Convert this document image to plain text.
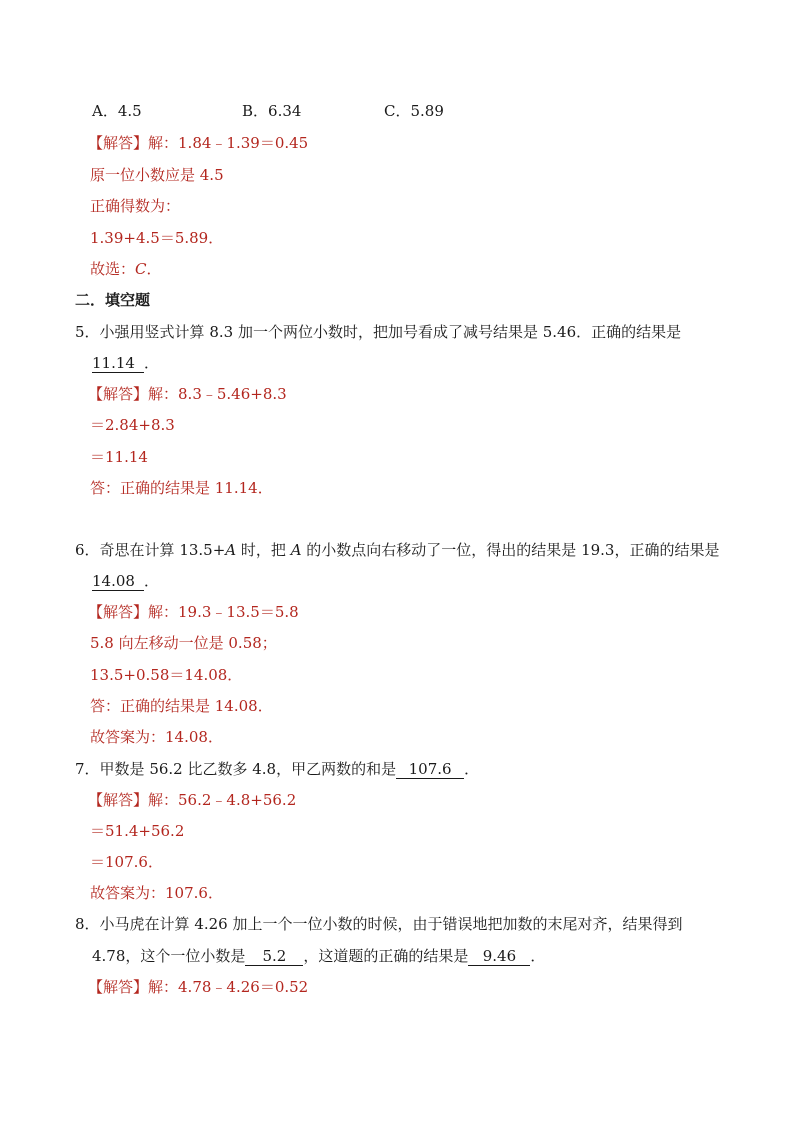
A．4.5	B．6.34	C．5.89
【解答】解：1.84﹣1.39＝0.45
原一位小数应是 4.5
正确得数为：
1.39+4.5＝5.89．
故选：C．
二．填空题
5．小强用竖式计算 8.3 加一个两位小数时，把加号看成了减号结果是 5.46．正确的结果是
11.14 ．
【解答】解：8.3﹣5.46+8.3
＝2.84+8.3
＝11.14
答：正确的结果是 11.14．
6．奇思在计算 13.5+A 时，把 A 的小数点向右移动了一位，得出的结果是 19.3，正确的结果是
14.08 ．
【解答】解：19.3﹣13.5＝5.8
5.8 向左移动一位是 0.58；
13.5+0.58＝14.08．
答：正确的结果是 14.08．
故答案为：14.08．
7．甲数是 56.2 比乙数多 4.8，甲乙两数的和是 107.6 ．
【解答】解：56.2﹣4.8+56.2
＝51.4+56.2
＝107.6．
故答案为：107.6．
8．小马虎在计算 4.26 加上一个一位小数的时候，由于错误地把加数的末尾对齐，结果得到
4.78，这个一位小数是 5.2 ，这道题的正确的结果是 9.46 ．
【解答】解：4.78﹣4.26＝0.52
